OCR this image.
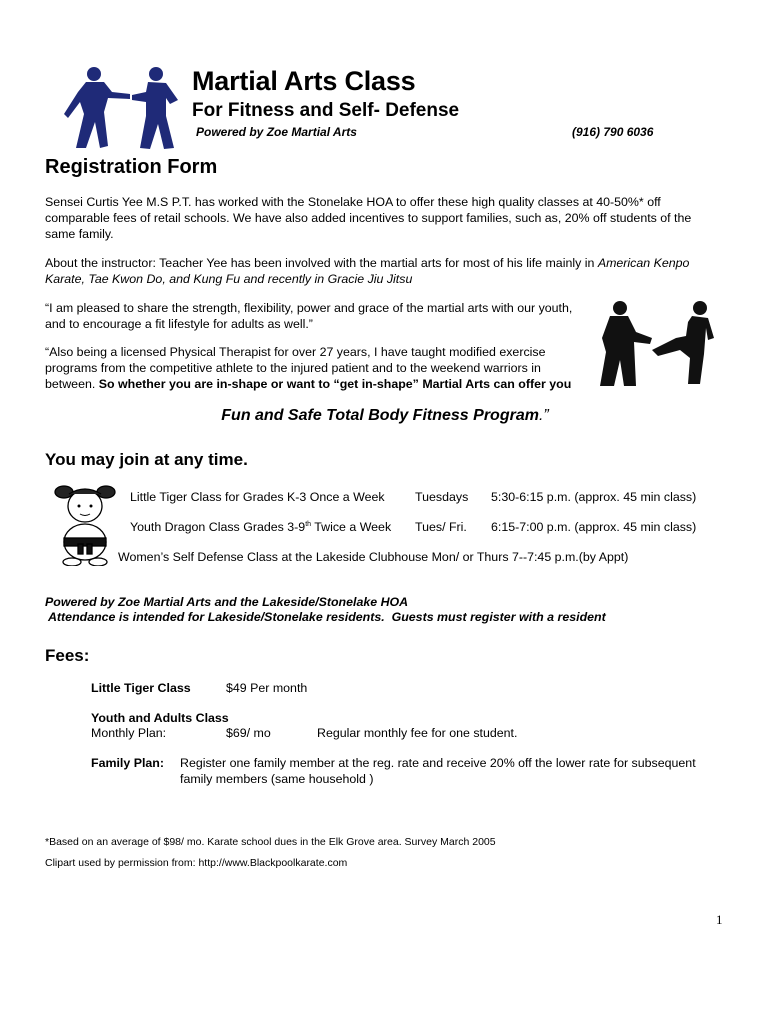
Martial Arts Class
For Fitness and Self- Defense
Powered by Zoe Martial Arts	(916) 790 6036
Registration Form
Sensei Curtis Yee M.S P.T. has worked with the Stonelake HOA to offer these high quality classes at 40-50%* off
comparable fees of retail schools. We have also added incentives to support families, such as, 20% off students of the
same family.
About the instructor: Teacher Yee has been involved with the martial arts for most of his life mainly in American Kenpo
Karate, Tae Kwon Do, and Kung Fu and recently in Gracie Jiu Jitsu
“I am pleased to share the strength, flexibility, power and grace of the martial arts with our youth,
and to encourage a fit lifestyle for adults as well.”
“Also being a licensed Physical Therapist for over 27 years, I have taught modified exercise
programs from the competitive athlete to the injured patient and to the weekend warriors in
between. So whether you are in-shape or want to “get in-shape” Martial Arts can offer you
Fun and Safe Total Body Fitness Program.”
You may join at any time.
Little Tiger Class for Grades K-3 Once a Week Tuesdays 5:30-6:15 p.m. (approx. 45 min class)
Youth Dragon Class Grades 3-9th Twice a Week Tues/ Fri. 6:15-7:00 p.m. (approx. 45 min class)
Women’s Self Defense Class at the Lakeside Clubhouse Mon/ or Thurs 7--7:45 p.m.(by Appt)
Powered by Zoe Martial Arts and the Lakeside/Stonelake HOA
Attendance is intended for Lakeside/Stonelake residents.  Guests must register with a resident
Fees:
Little Tiger Class	$49 Per month
Youth and Adults Class
Monthly Plan:	$69/ mo	Regular monthly fee for one student.
Family Plan: Register one family member at the reg. rate and receive 20% off the lower rate for subsequent
family members (same household )
*Based on an average of $98/ mo. Karate school dues in the Elk Grove area. Survey March 2005
Clipart used by permission from: http://www.Blackpoolkarate.com
1
